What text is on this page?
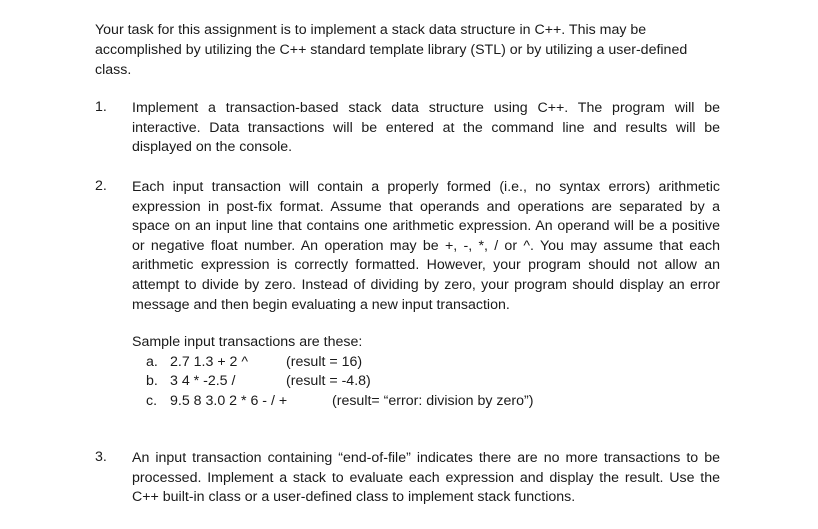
Your task for this assignment is to implement a stack data structure in C++. This may be accomplished by utilizing the C++ standard template library (STL) or by utilizing a user-defined class.
1.	Implement a transaction-based stack data structure using C++. The program will be interactive. Data transactions will be entered at the command line and results will be displayed on the console.
2.	Each input transaction will contain a properly formed (i.e., no syntax errors) arithmetic expression in post-fix format. Assume that operands and operations are separated by a space on an input line that contains one arithmetic expression. An operand will be a positive or negative float number. An operation may be +, -, *, / or ^. You may assume that each arithmetic expression is correctly formatted. However, your program should not allow an attempt to divide by zero. Instead of dividing by zero, your program should display an error message and then begin evaluating a new input transaction.
Sample input transactions are these:
a. 2.7 1.3 + 2 ^	(result = 16)
b. 3 4 * -2.5 /	(result = -4.8)
c. 9.5 8 3.0 2 * 6 - / +	(result= “error: division by zero”)
3.	An input transaction containing “end-of-file” indicates there are no more transactions to be processed. Implement a stack to evaluate each expression and display the result. Use the C++ built-in class or a user-defined class to implement stack functions.
